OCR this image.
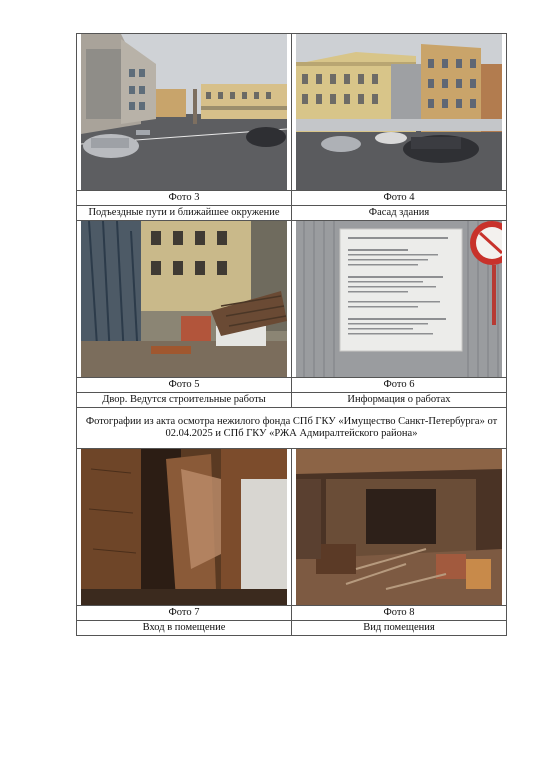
Фото 3	Фото 4
Подъездные пути и ближайшее окружение	Фасад здания

Фото 5	Фото 6
Двор. Ведутся строительные работы	Информация о работах
Фотографии из акта осмотра нежилого фонда СПб ГКУ «Имущество Санкт-Петербурга» от 02.04.2025 и СПб ГКУ «РЖА Адмиралтейского района»	

Фото 7	Фото 8
Вход в помещение	Вид помещения
